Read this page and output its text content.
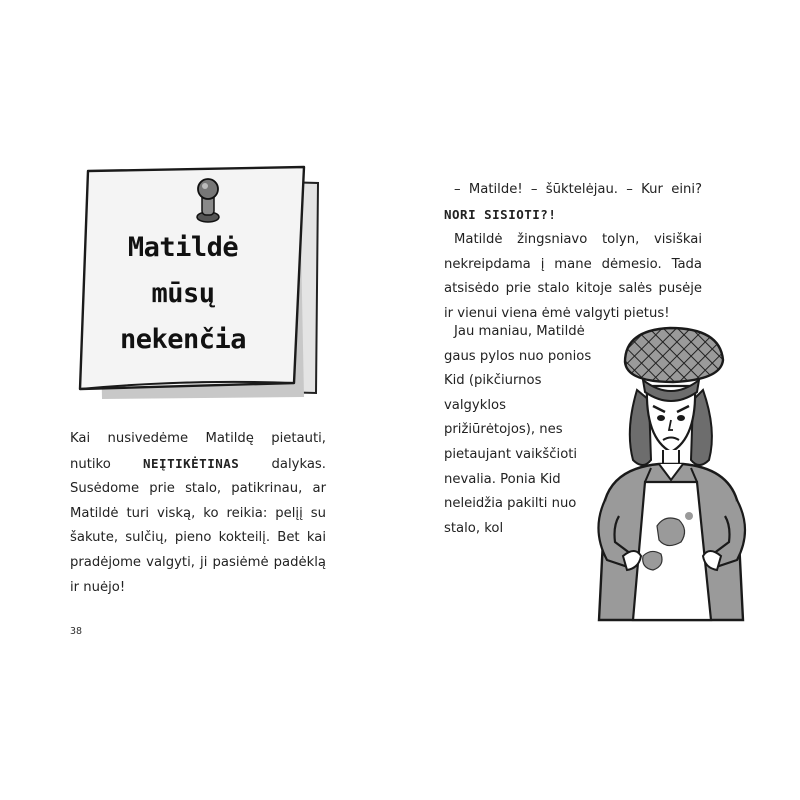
Matildė
mūsų
nekenčia

Kai nusivedėme Matildę pietauti, nutiko NEĮTIKĖTINAS dalykas. Susėdome prie stalo, patikrinau, ar Matildė turi viską, ko reikia: pelįį su šakute, sulčių, pieno kokteilį. Bet kai pradėjome valgyti, ji pasiėmė padėklą ir nuėjo!

38

– Matilde! – šūktelėjau. – Kur eini? NORI SISIOTI?!

Matildė žingsniavo tolyn, visiškai nekreipdama į mane dėmesio. Tada atsisėdo prie stalo kitoje salės pusėje ir vienui viena ėmė valgyti pietus!

Jau maniau, Matildė
gaus pylos nuo ponios
Kid (pikčiurnos valgyklos
prižiūrėtojos), nes
pietaujant vaikščioti
nevalia. Ponia Kid
neleidžia pakilti nuo
stalo, kol
